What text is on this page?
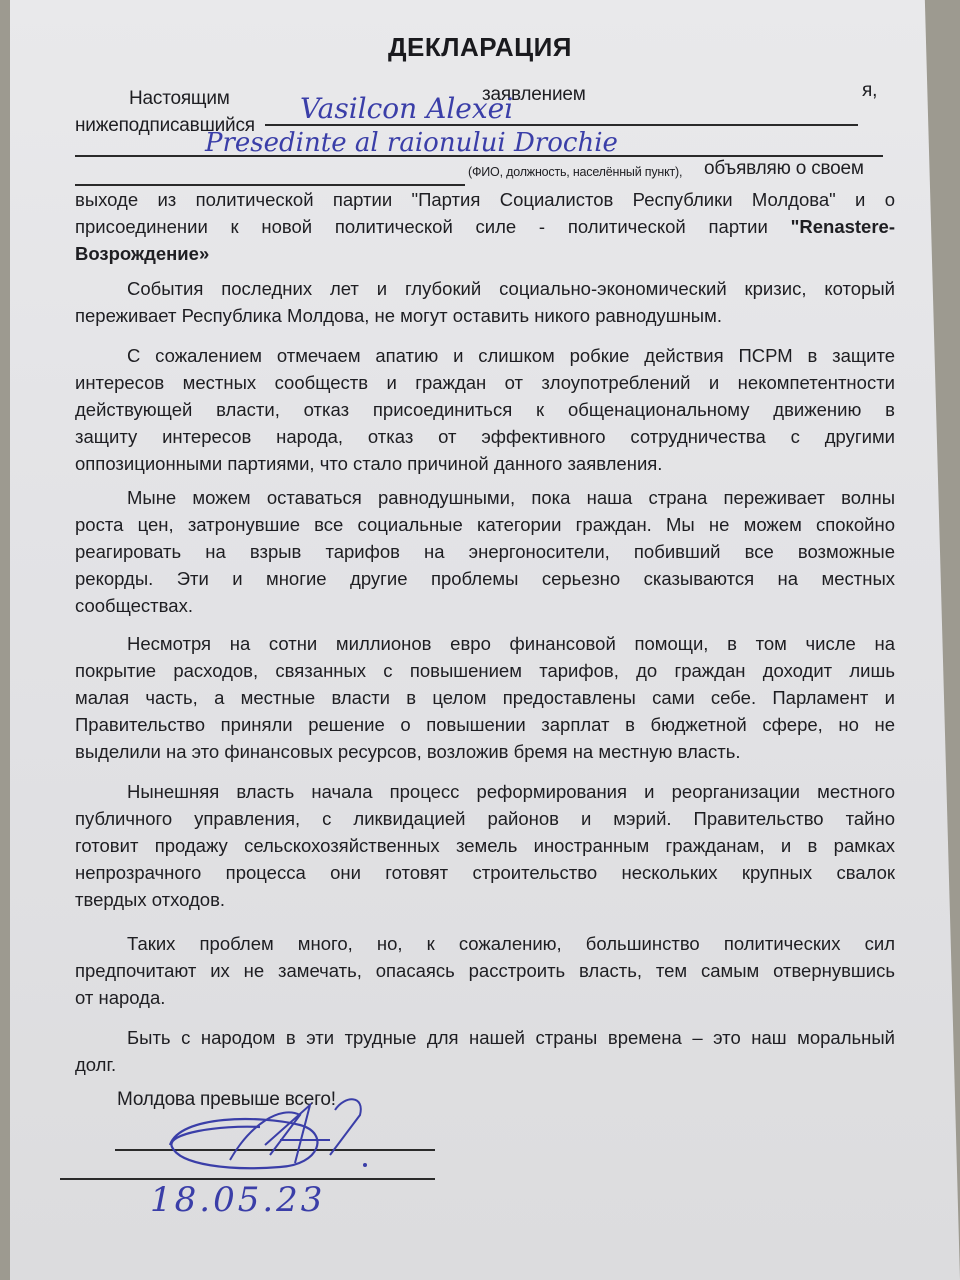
ДЕКЛАРАЦИЯ
Настоящим	заявлением	я,
нижеподписавшийся
Vasilcon Alexei
Presedinte al raionului Drochie
(ФИО, должность, населённый пункт), объявляю о своем
выходе из политической партии "Партия Социалистов Республики Молдова" и о
присоединении к новой политической силе - политической партии "Renastere-
Возрождение»
События последних лет и глубокий социально-экономический кризис, который
переживает Республика Молдова, не могут оставить никого равнодушным.
С сожалением отмечаем апатию и слишком робкие действия ПСРМ в защите
интересов местных сообществ и граждан от злоупотреблений и некомпетентности
действующей власти, отказ присоединиться к общенациональному движению в
защиту интересов народа, отказ от эффективного сотрудничества с другими
оппозиционными партиями, что стало причиной данного заявления.
Мыне можем оставаться равнодушными, пока наша страна переживает волны
роста цен, затронувшие все социальные категории граждан. Мы не можем спокойно
реагировать на взрыв тарифов на энергоносители, побивший все возможные
рекорды. Эти и многие другие проблемы серьезно сказываются на местных
сообществах.
Несмотря на сотни миллионов евро финансовой помощи, в том числе на
покрытие расходов, связанных с повышением тарифов, до граждан доходит лишь
малая часть, а местные власти в целом предоставлены сами себе. Парламент и
Правительство приняли решение о повышении зарплат в бюджетной сфере, но не
выделили на это финансовых ресурсов, возложив бремя на местную власть.
Нынешняя власть начала процесс реформирования и реорганизации местного
публичного управления, с ликвидацией районов и мэрий. Правительство тайно
готовит продажу сельскохозяйственных земель иностранным гражданам, и в рамках
непрозрачного процесса они готовят строительство нескольких крупных свалок
твердых отходов.
Таких проблем много, но, к сожалению, большинство политических сил
предпочитают их не замечать, опасаясь расстроить власть, тем самым отвернувшись
от народа.
Быть с народом в эти трудные для нашей страны времена – это наш моральный
долг.
Молдова превыше всего!
18.05.23
